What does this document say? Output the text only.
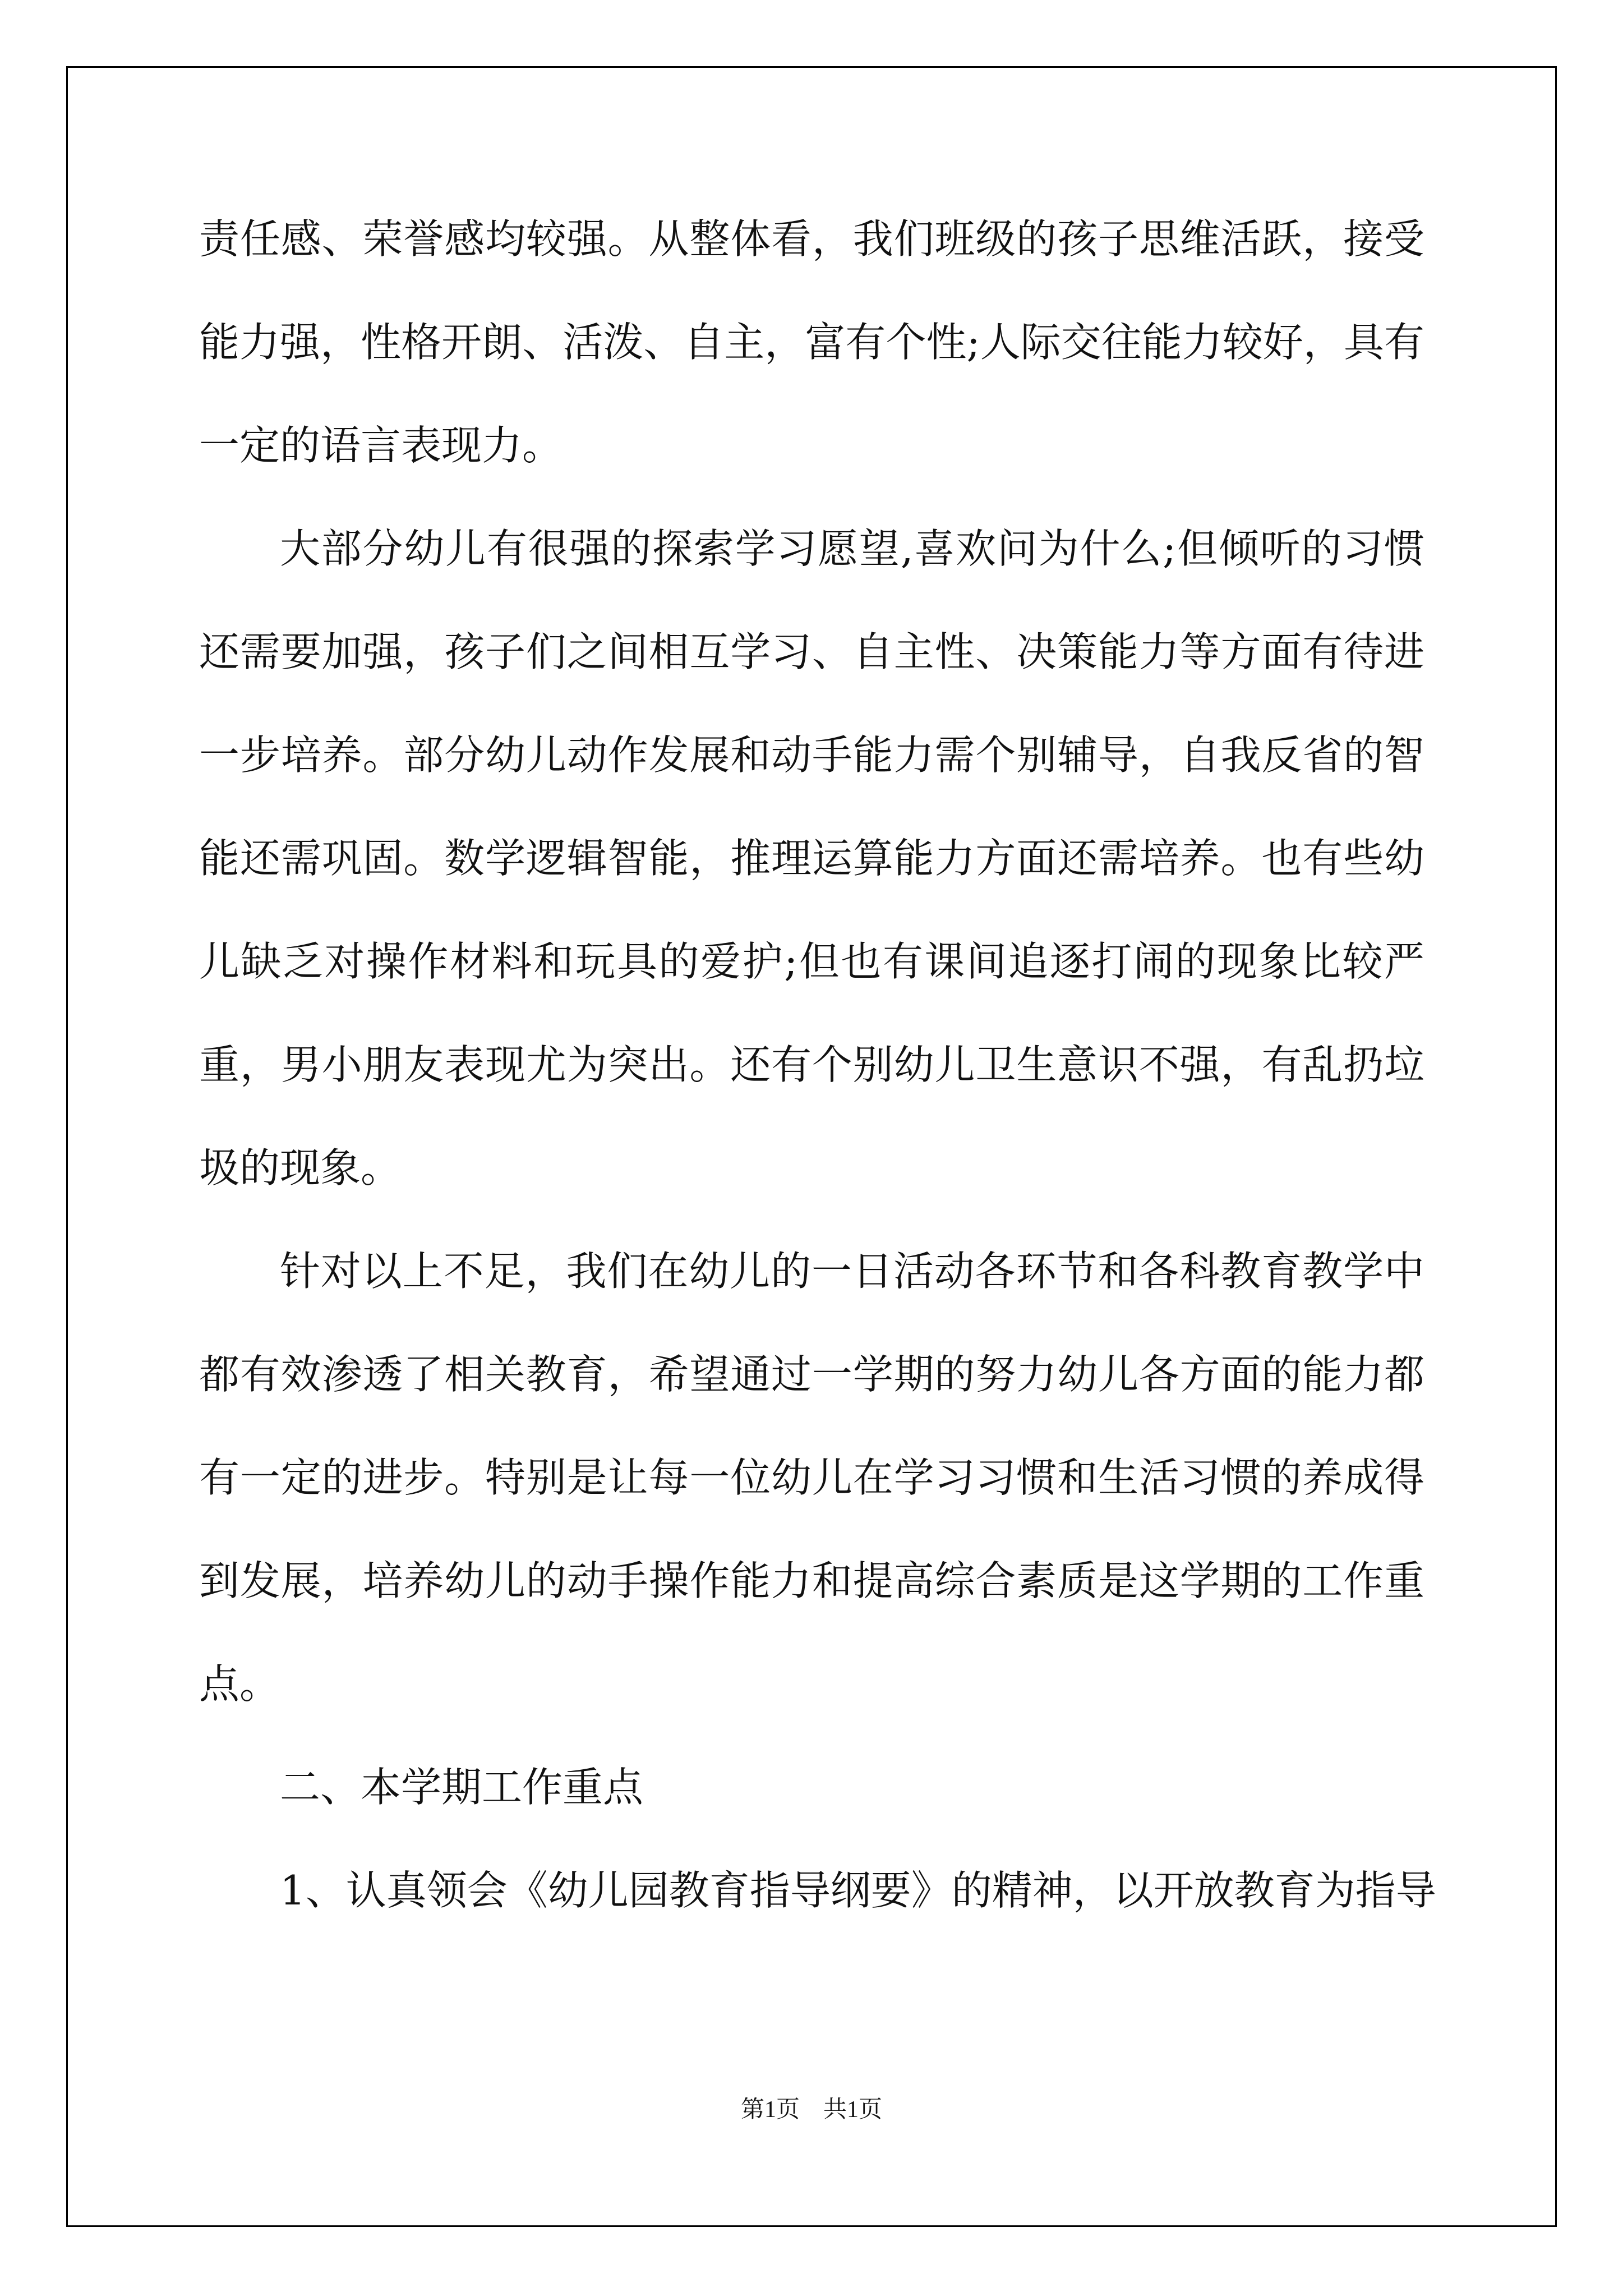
责任感、荣誉感均较强。从整体看，我们班级的孩子思维活跃，接受
能力强，性格开朗、活泼、自主，富有个性;人际交往能力较好，具有
一定的语言表现力。
大部分幼儿有很强的探索学习愿望,喜欢问为什么;但倾听的习惯
还需要加强，孩子们之间相互学习、自主性、决策能力等方面有待进
一步培养。部分幼儿动作发展和动手能力需个别辅导，自我反省的智
能还需巩固。数学逻辑智能，推理运算能力方面还需培养。也有些幼
儿缺乏对操作材料和玩具的爱护;但也有课间追逐打闹的现象比较严
重，男小朋友表现尤为突出。还有个别幼儿卫生意识不强，有乱扔垃
圾的现象。
针对以上不足，我们在幼儿的一日活动各环节和各科教育教学中
都有效渗透了相关教育，希望通过一学期的努力幼儿各方面的能力都
有一定的进步。特别是让每一位幼儿在学习习惯和生活习惯的养成得
到发展，培养幼儿的动手操作能力和提高综合素质是这学期的工作重
点。
二、本学期工作重点
1、认真领会《幼儿园教育指导纲要》的精神，以开放教育为指导
第1页　共1页
